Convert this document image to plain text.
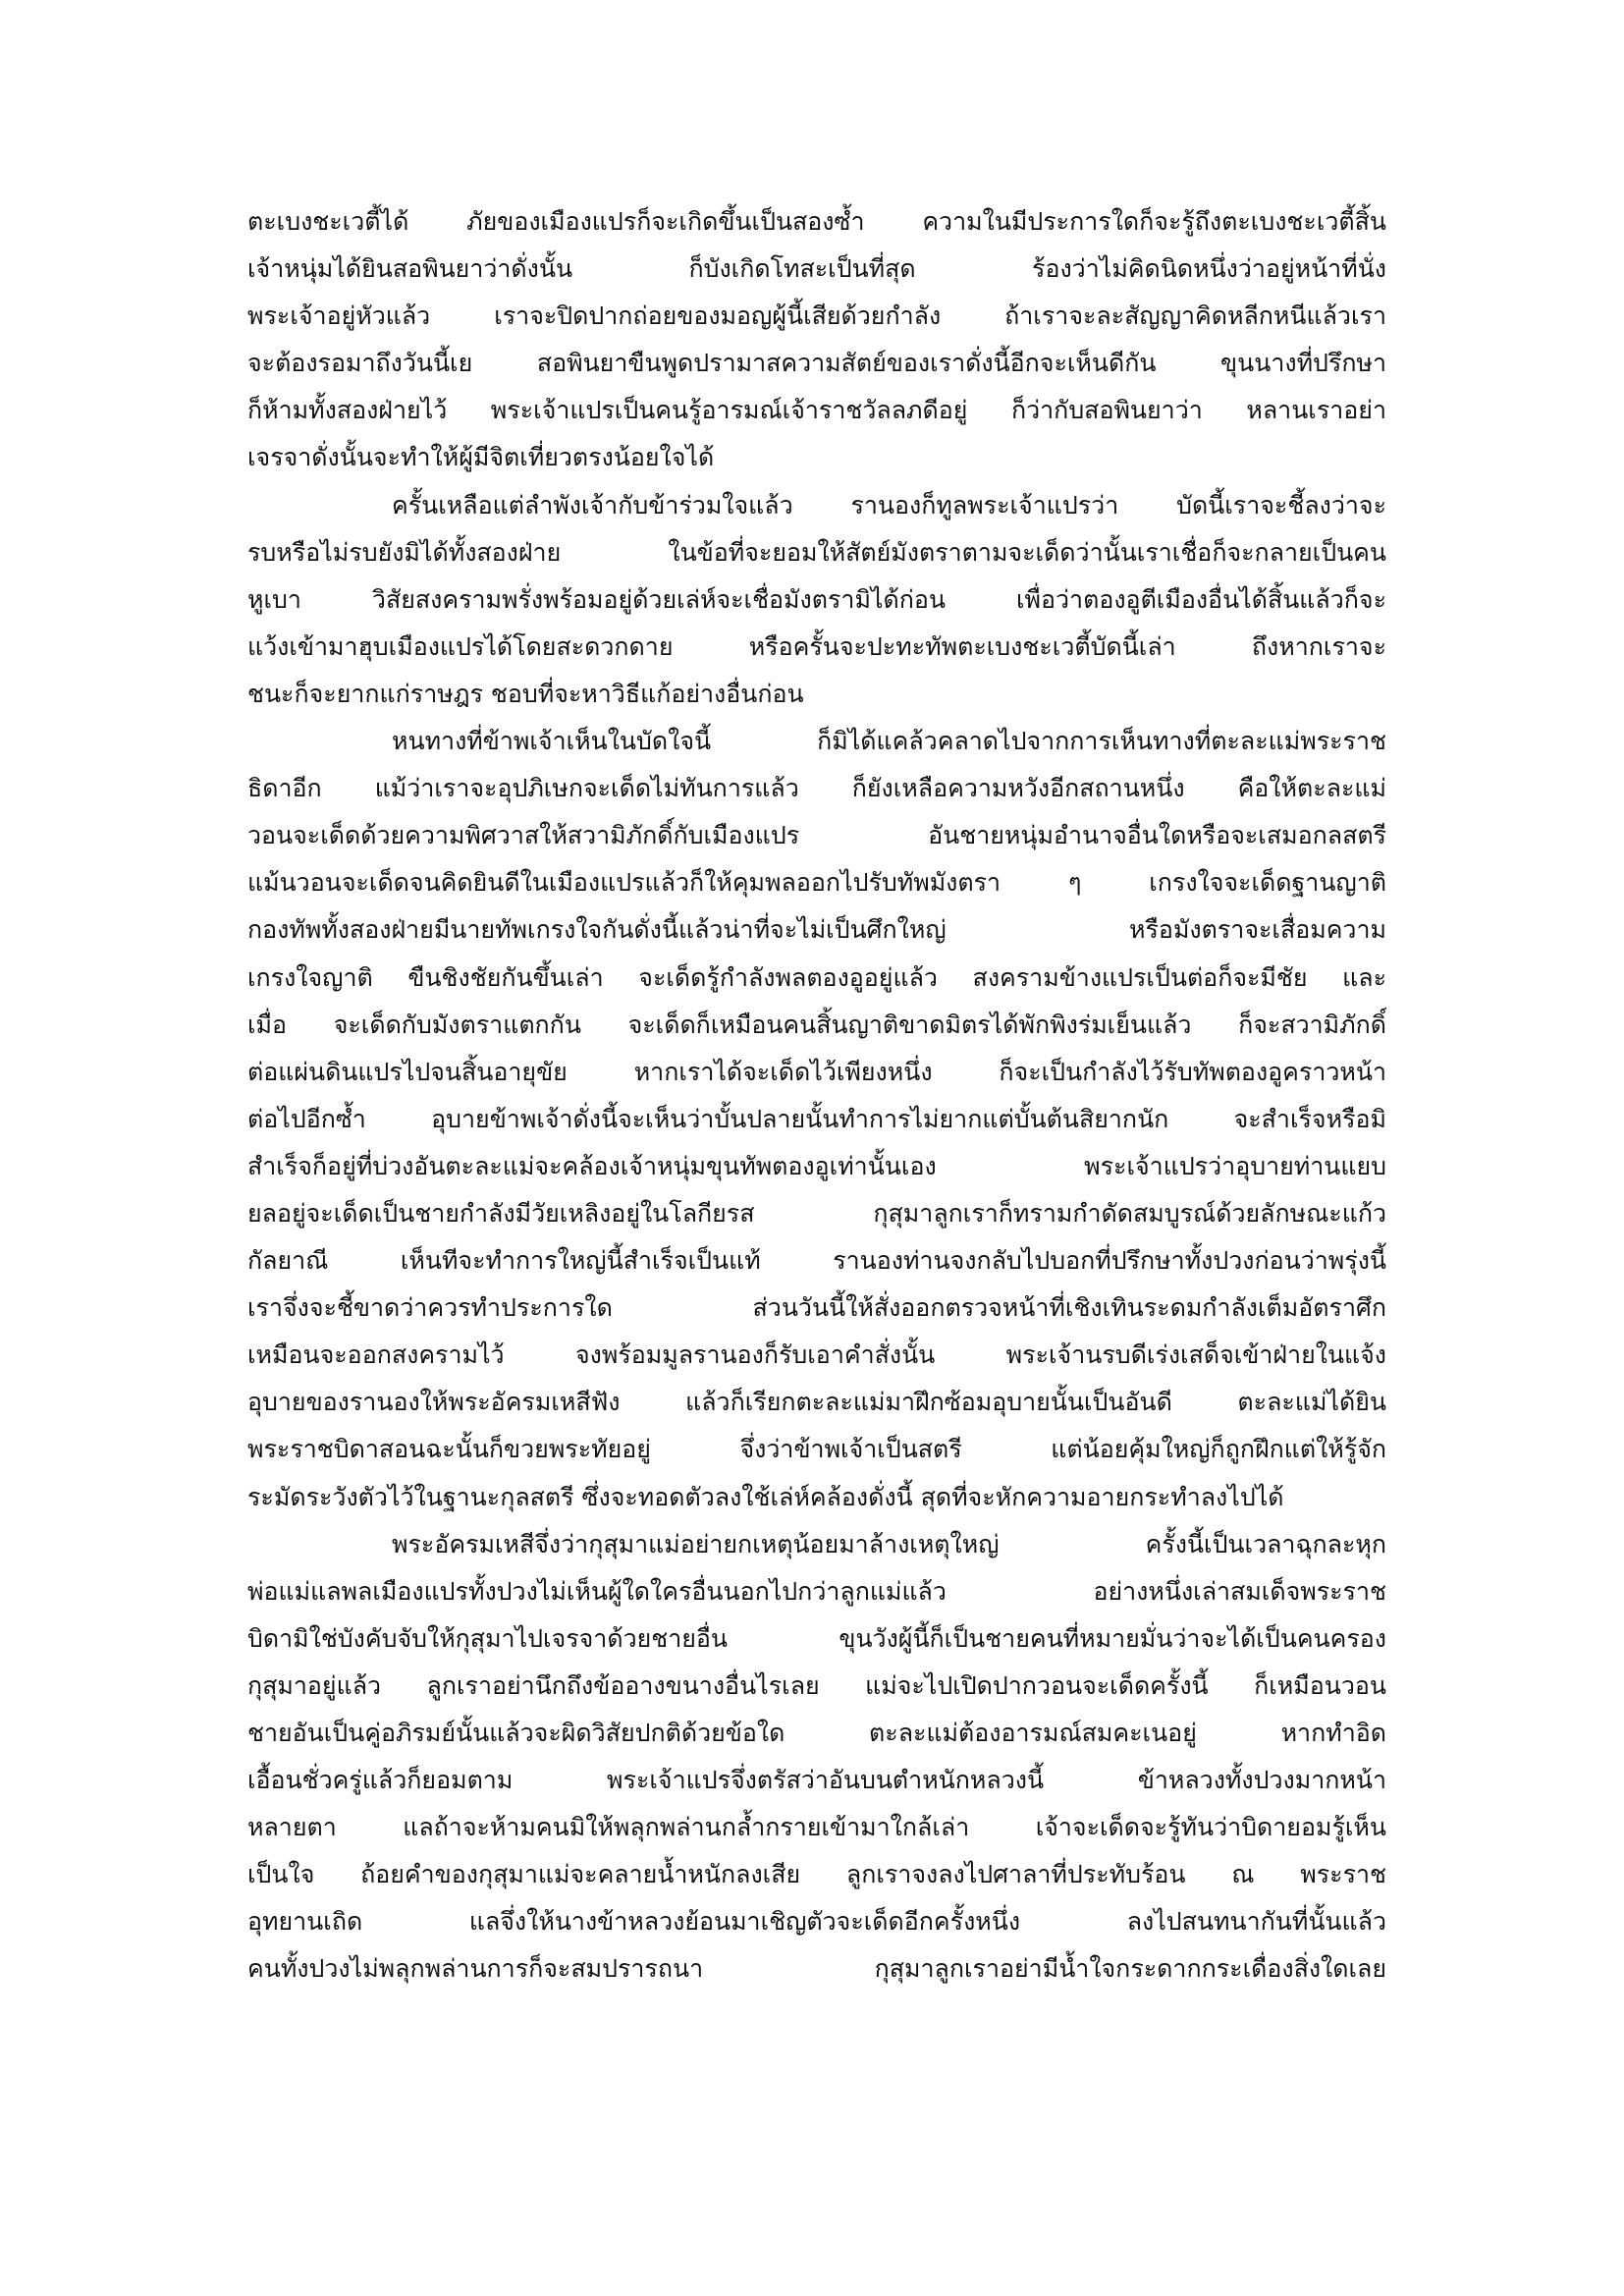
ตะเบงชะเวตี้ได้ ภัยของเมืองแปรก็จะเกิดขึ้นเป็นสองซ้ำ ความในมีประการใดก็จะรู้ถึงตะเบงชะเวตี้สิ้น
เจ้าหนุ่มได้ยินสอพินยาว่าดั่งนั้น ก็บังเกิดโทสะเป็นที่สุด ร้องว่าไม่คิดนิดหนึ่งว่าอยู่หน้าที่นั่ง
พระเจ้าอยู่หัวแล้ว เราจะปิดปากถ่อยของมอญผู้นี้เสียด้วยกำลัง ถ้าเราจะละสัญญาคิดหลีกหนีแล้วเรา
จะต้องรอมาถึงวันนี้เย สอพินยาขืนพูดปรามาสความสัตย์ของเราดั่งนี้อีกจะเห็นดีกัน ขุนนางที่ปรึกษา
ก็ห้ามทั้งสองฝ่ายไว้ พระเจ้าแปรเป็นคนรู้อารมณ์เจ้าราชวัลลภดีอยู่ ก็ว่ากับสอพินยาว่า หลานเราอย่า
เจรจาดั่งนั้นจะทำให้ผู้มีจิตเที่ยวตรงน้อยใจได้
ครั้นเหลือแต่ลำพังเจ้ากับข้าร่วมใจแล้ว รานองก็ทูลพระเจ้าแปรว่า บัดนี้เราจะชี้ลงว่าจะ
รบหรือไม่รบยังมิได้ทั้งสองฝ่าย ในข้อที่จะยอมให้สัตย์มังตราตามจะเด็ดว่านั้นเราเชื่อก็จะกลายเป็นคน
หูเบา วิสัยสงครามพรั่งพร้อมอยู่ด้วยเล่ห์จะเชื่อมังตรามิได้ก่อน เพื่อว่าตองอูตีเมืองอื่นได้สิ้นแล้วก็จะ
แว้งเข้ามาฮุบเมืองแปรได้โดยสะดวกดาย หรือครั้นจะปะทะทัพตะเบงชะเวตี้บัดนี้เล่า ถึงหากเราจะ
ชนะก็จะยากแก่ราษฎร ชอบที่จะหาวิธีแก้อย่างอื่นก่อน
หนทางที่ข้าพเจ้าเห็นในบัดใจนี้ ก็มิได้แคล้วคลาดไปจากการเห็นทางที่ตะละแม่พระราช
ธิดาอีก แม้ว่าเราจะอุปภิเษกจะเด็ดไม่ทันการแล้ว ก็ยังเหลือความหวังอีกสถานหนึ่ง คือให้ตะละแม่
วอนจะเด็ดด้วยความพิศวาสให้สวามิภักดิ์กับเมืองแปร อันชายหนุ่มอำนาจอื่นใดหรือจะเสมอกลสตรี
แม้นวอนจะเด็ดจนคิดยินดีในเมืองแปรแล้วก็ให้คุมพลออกไปรับทัพมังตรา ๆ เกรงใจจะเด็ดฐานญาติ
กองทัพทั้งสองฝ่ายมีนายทัพเกรงใจกันดั่งนี้แล้วน่าที่จะไม่เป็นศึกใหญ่ หรือมังตราจะเสื่อมความ
เกรงใจญาติ ขืนชิงชัยกันขึ้นเล่า จะเด็ดรู้กำลังพลตองอูอยู่แล้ว สงครามข้างแปรเป็นต่อก็จะมีชัย และ
เมื่อ จะเด็ดกับมังตราแตกกัน จะเด็ดก็เหมือนคนสิ้นญาติขาดมิตรได้พักพิงร่มเย็นแล้ว ก็จะสวามิภักดิ์
ต่อแผ่นดินแปรไปจนสิ้นอายุขัย หากเราได้จะเด็ดไว้เพียงหนึ่ง ก็จะเป็นกำลังไว้รับทัพตองอูคราวหน้า
ต่อไปอีกซ้ำ อุบายข้าพเจ้าดั่งนี้จะเห็นว่าบั้นปลายนั้นทำการไม่ยากแต่บั้นต้นสิยากนัก จะสำเร็จหรือมิ
สำเร็จก็อยู่ที่บ่วงอันตะละแม่จะคล้องเจ้าหนุ่มขุนทัพตองอูเท่านั้นเอง พระเจ้าแปรว่าอุบายท่านแยบ
ยลอยู่จะเด็ดเป็นชายกำลังมีวัยเหลิงอยู่ในโลกียรส กุสุมาลูกเราก็ทรามกำดัดสมบูรณ์ด้วยลักษณะแก้ว
กัลยาณี เห็นทีจะทำการใหญ่นี้สำเร็จเป็นแท้ รานองท่านจงกลับไปบอกที่ปรึกษาทั้งปวงก่อนว่าพรุ่งนี้
เราจึ่งจะชี้ขาดว่าควรทำประการใด ส่วนวันนี้ให้สั่งออกตรวจหน้าที่เชิงเทินระดมกำลังเต็มอัตราศึก
เหมือนจะออกสงครามไว้ จงพร้อมมูลรานองก็รับเอาคำสั่งนั้น พระเจ้านรบดีเร่งเสด็จเข้าฝ่ายในแจ้ง
อุบายของรานองให้พระอัครมเหสีฟัง แล้วก็เรียกตะละแม่มาฝึกซ้อมอุบายนั้นเป็นอันดี ตะละแม่ได้ยิน
พระราชบิดาสอนฉะนั้นก็ขวยพระทัยอยู่ จึ่งว่าข้าพเจ้าเป็นสตรี แต่น้อยคุ้มใหญ่ก็ถูกฝึกแต่ให้รู้จัก
ระมัดระวังตัวไว้ในฐานะกุลสตรี ซึ่งจะทอดตัวลงใช้เล่ห์คล้องดั่งนี้ สุดที่จะหักความอายกระทำลงไปได้
พระอัครมเหสีจึ่งว่ากุสุมาแม่อย่ายกเหตุน้อยมาล้างเหตุใหญ่ ครั้งนี้เป็นเวลาฉุกละหุก
พ่อแม่แลพลเมืองแปรทั้งปวงไม่เห็นผู้ใดใครอื่นนอกไปกว่าลูกแม่แล้ว อย่างหนึ่งเล่าสมเด็จพระราช
บิดามิใช่บังคับจับให้กุสุมาไปเจรจาด้วยชายอื่น ขุนวังผู้นี้ก็เป็นชายคนที่หมายมั่นว่าจะได้เป็นคนครอง
กุสุมาอยู่แล้ว ลูกเราอย่านึกถึงข้ออางขนางอื่นไรเลย แม่จะไปเปิดปากวอนจะเด็ดครั้งนี้ ก็เหมือนวอน
ชายอันเป็นคู่อภิรมย์นั้นแล้วจะผิดวิสัยปกติด้วยข้อใด ตะละแม่ต้องอารมณ์สมคะเนอยู่ หากทำอิด
เอื้อนชั่วครู่แล้วก็ยอมตาม พระเจ้าแปรจึ่งตรัสว่าอันบนตำหนักหลวงนี้ ข้าหลวงทั้งปวงมากหน้า
หลายตา แลถ้าจะห้ามคนมิให้พลุกพล่านกล้ำกรายเข้ามาใกล้เล่า เจ้าจะเด็ดจะรู้ทันว่าบิดายอมรู้เห็น
เป็นใจ ถ้อยคำของกุสุมาแม่จะคลายน้ำหนักลงเสีย ลูกเราจงลงไปศาลาที่ประทับร้อน ณ พระราช
อุทยานเถิด แลจึ่งให้นางข้าหลวงย้อนมาเชิญตัวจะเด็ดอีกครั้งหนึ่ง ลงไปสนทนากันที่นั้นแล้ว
คนทั้งปวงไม่พลุกพล่านการก็จะสมปรารถนา กุสุมาลูกเราอย่ามีน้ำใจกระดากกระเดื่องสิ่งใดเลย
